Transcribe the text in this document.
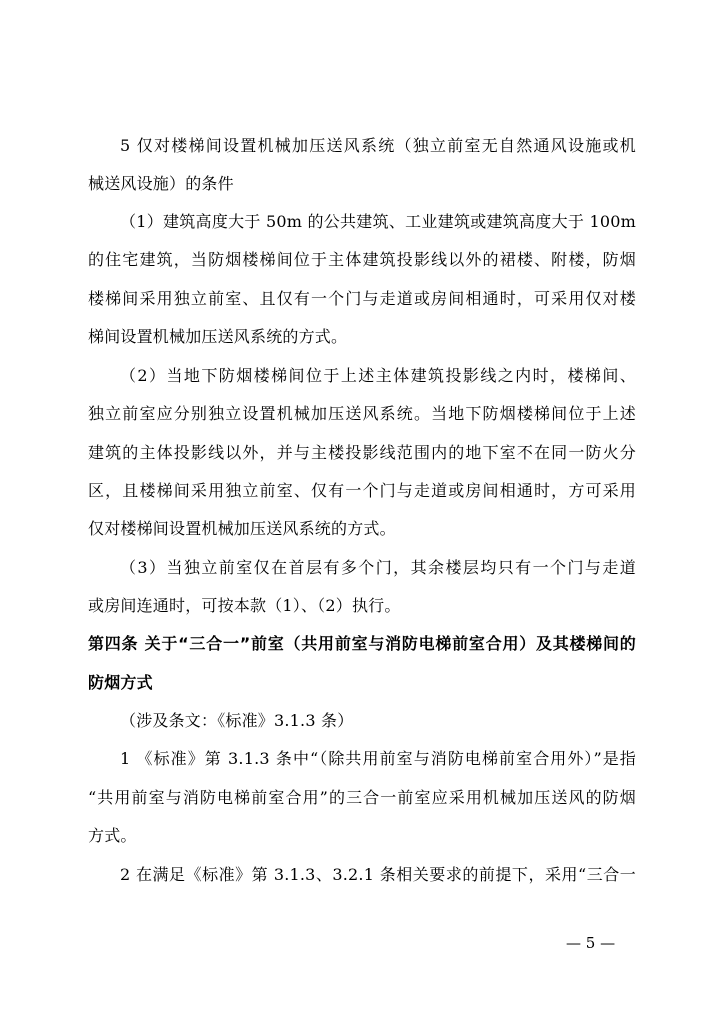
5 仅对楼梯间设置机械加压送风系统（独立前室无自然通风设施或机
械送风设施）的条件
（1）建筑高度大于 50m 的公共建筑、工业建筑或建筑高度大于 100m
的住宅建筑，当防烟楼梯间位于主体建筑投影线以外的裙楼、附楼，防烟
楼梯间采用独立前室、且仅有一个门与走道或房间相通时，可采用仅对楼
梯间设置机械加压送风系统的方式。
（2）当地下防烟楼梯间位于上述主体建筑投影线之内时，楼梯间、
独立前室应分别独立设置机械加压送风系统。当地下防烟楼梯间位于上述
建筑的主体投影线以外，并与主楼投影线范围内的地下室不在同一防火分
区，且楼梯间采用独立前室、仅有一个门与走道或房间相通时，方可采用
仅对楼梯间设置机械加压送风系统的方式。
（3）当独立前室仅在首层有多个门，其余楼层均只有一个门与走道
或房间连通时，可按本款（1）、（2）执行。
第四条 关于“三合一”前室（共用前室与消防电梯前室合用）及其楼梯间的
防烟方式
（涉及条文：《标准》3.1.3 条）
1 《标准》第 3.1.3 条中“（除共用前室与消防电梯前室合用外）”是指
“共用前室与消防电梯前室合用”的三合一前室应采用机械加压送风的防烟
方式。
2 在满足《标准》第 3.1.3、3.2.1 条相关要求的前提下，采用“三合一
— 5 —
